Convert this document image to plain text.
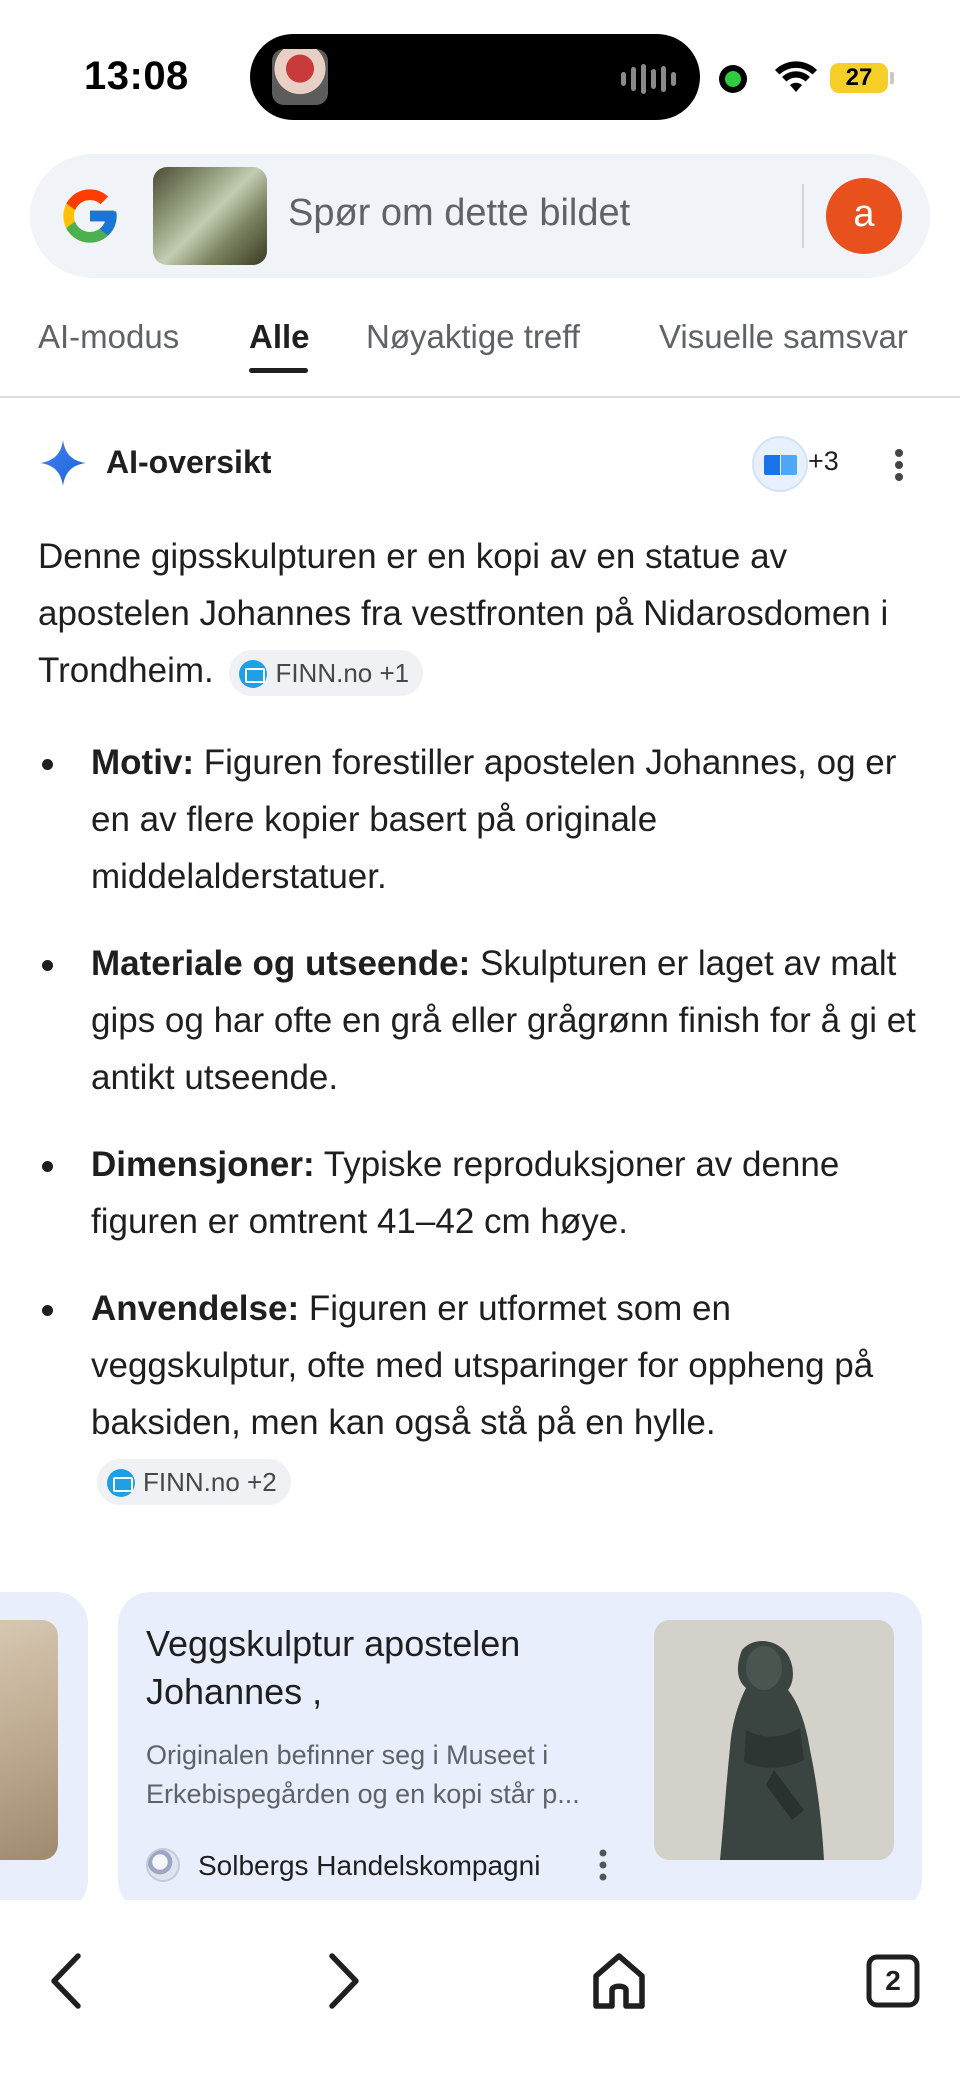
13:08	27
Spør om dette bildet	a
AI-modus Alle Nøyaktige treff Visuelle samsvar
AI-oversikt	+3
Denne gipsskulpturen er en kopi av en statue av apostelen Johannes fra vestfronten på Nidarosdomen i Trondheim. FINN.no +1
Motiv: Figuren forestiller apostelen Johannes, og er en av flere kopier basert på originale middelalderstatuer.
Materiale og utseende: Skulpturen er laget av malt gips og har ofte en grå eller grågrønn finish for å gi et antikt utseende.
Dimensjoner: Typiske reproduksjoner av denne figuren er omtrent 41–42 cm høye.
Anvendelse: Figuren er utformet som en veggskulptur, ofte med utsparinger for oppheng på baksiden, men kan også stå på en hylle. FINN.no +2
Veggskulptur apostelen Johannes ,
Originalen befinner seg i Museet i
Erkebispegården og en kopi står p...
Solbergs Handelskompagni
2
